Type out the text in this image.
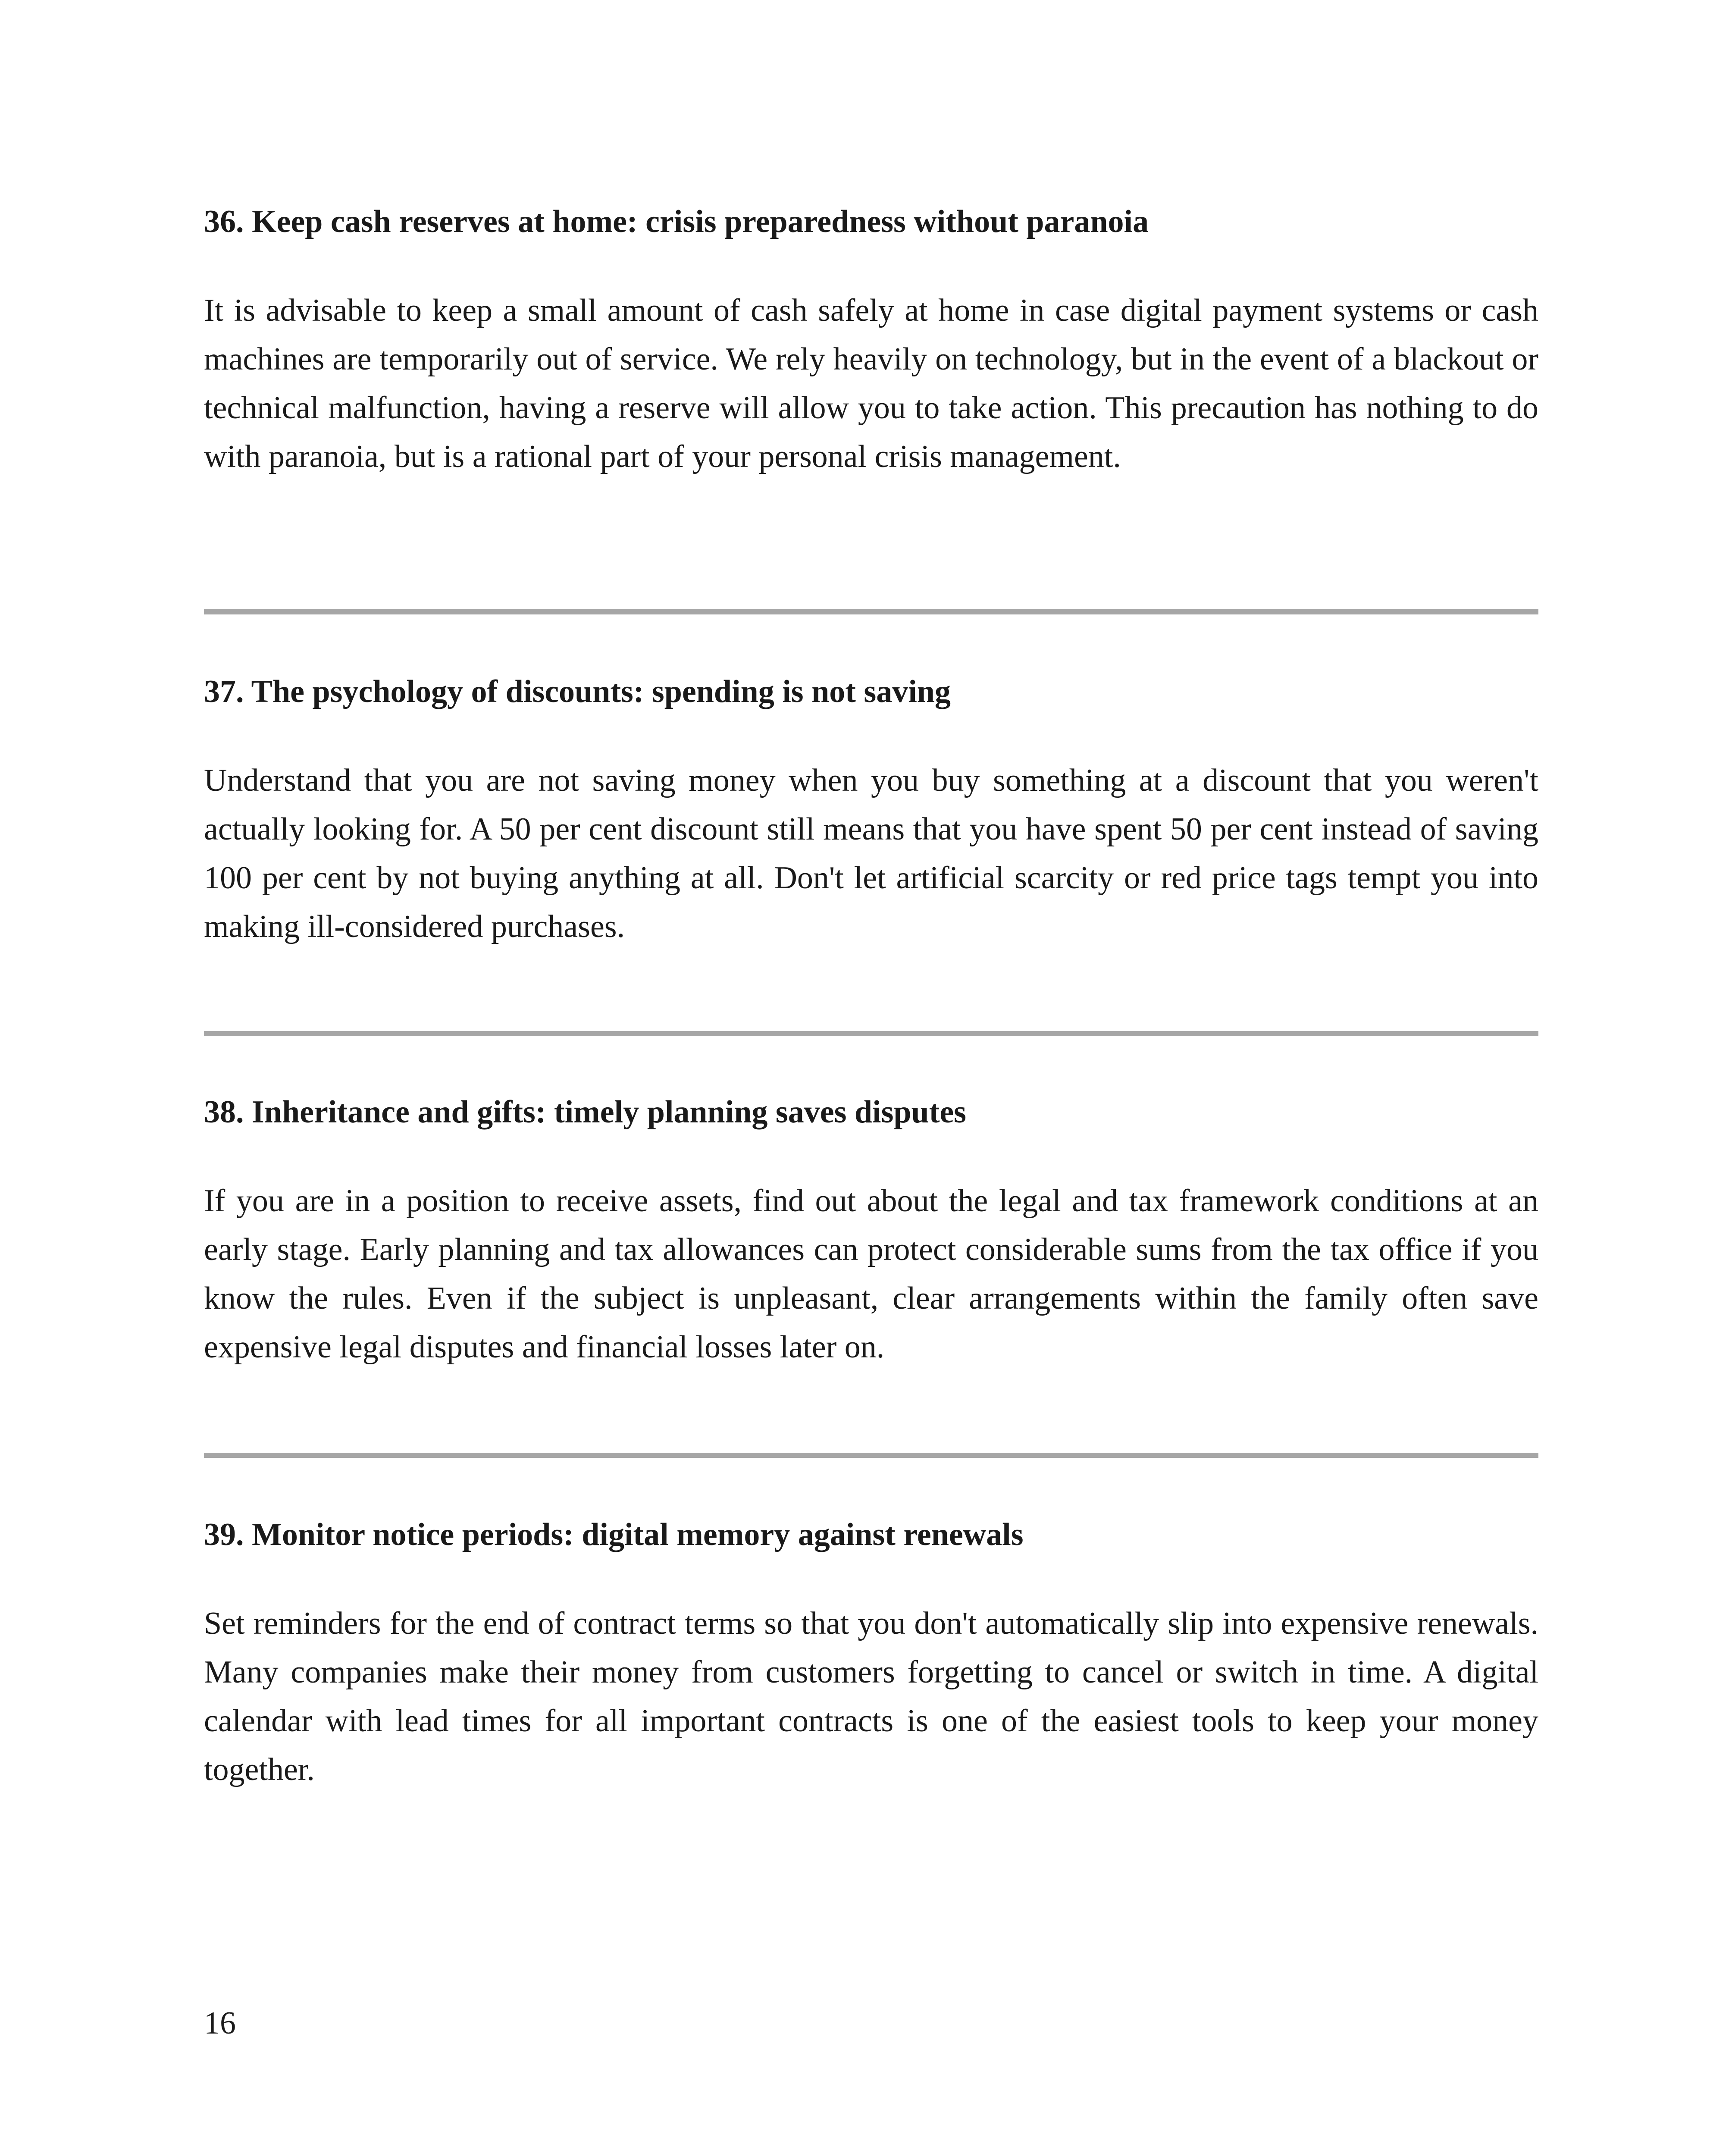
36. Keep cash reserves at home: crisis preparedness without paranoia

It is advisable to keep a small amount of cash safely at home in case digital payment systems or cash machines are temporarily out of service. We rely heavily on technology, but in the event of a blackout or technical malfunction, having a reserve will allow you to take action. This precaution has nothing to do with paranoia, but is a rational part of your personal crisis management.

37. The psychology of discounts: spending is not saving

Understand that you are not saving money when you buy something at a discount that you weren't actually looking for. A 50 per cent discount still means that you have spent 50 per cent instead of saving 100 per cent by not buying anything at all. Don't let artificial scarcity or red price tags tempt you into making ill-considered purchases.

38. Inheritance and gifts: timely planning saves disputes

If you are in a position to receive assets, find out about the legal and tax framework conditions at an early stage. Early planning and tax allowances can protect considerable sums from the tax office if you know the rules. Even if the subject is unpleasant, clear arrangements within the family often save expensive legal disputes and financial losses later on.

39. Monitor notice periods: digital memory against renewals

Set reminders for the end of contract terms so that you don't automatically slip into expensive renewals. Many companies make their money from customers forgetting to cancel or switch in time. A digital calendar with lead times for all important contracts is one of the easiest tools to keep your money together.

16
